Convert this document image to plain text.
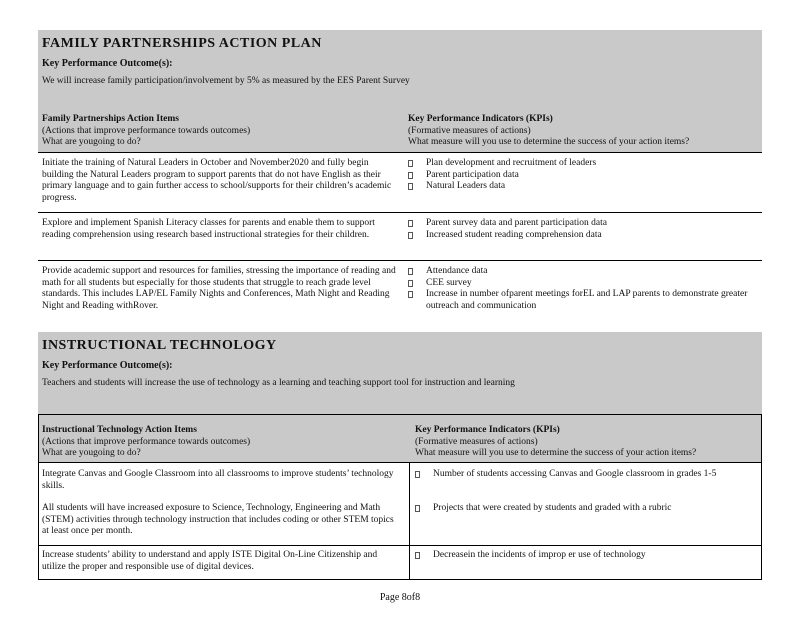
FAMILY PARTNERSHIPS ACTION PLAN
Key Performance Outcome(s):
We will increase family participation/involvement by 5% as measured by the EES Parent Survey
Family Partnerships Action Items
(Actions that improve performance towards outcomes)
What are yougoing to do?
Key Performance Indicators (KPIs)
(Formative measures of actions)
What measure will you use to determine the success of your action items?
Initiate the training of Natural Leaders in October and November2020 and fully begin building the Natural Leaders program to support parents that do not have English as their primary language and to gain further access to school/supports for their children’s academic progress.
Plan development and recruitment of leaders
Parent participation data
Natural Leaders data
Explore and implement Spanish Literacy classes for parents and enable them to support reading comprehension using research based instructional strategies for their children.
Parent survey data and parent participation data
Increased student reading comprehension data
Provide academic support and resources for families, stressing the importance of reading and math for all students but especially for those students that struggle to reach grade level standards. This includes LAP/EL Family Nights and Conferences, Math Night and Reading Night and Reading withRover.
Attendance data
CEE survey
Increase in number ofparent meetings forEL and LAP parents to demonstrate greater outreach and communication
INSTRUCTIONAL TECHNOLOGY
Key Performance Outcome(s):
Teachers and students will increase the use of technology as a learning and teaching support tool for instruction and learning
Instructional Technology Action Items
(Actions that improve performance towards outcomes)
What are yougoing to do?
Key Performance Indicators (KPIs)
(Formative measures of actions)
What measure will you use to determine the success of your action items?
Integrate Canvas and Google Classroom into all classrooms to improve students’ technology skills.
Number of students accessing Canvas and Google classroom in grades 1-5
All students will have increased exposure to Science, Technology, Engineering and Math (STEM) activities through technology instruction that includes coding or other STEM topics at least once per month.
Projects that were created by students and graded with a rubric
Increase students’ ability to understand and apply ISTE Digital On-Line Citizenship and utilize the proper and responsible use of digital devices.
Decreasein the incidents of improp er use of technology
Page 8of8
